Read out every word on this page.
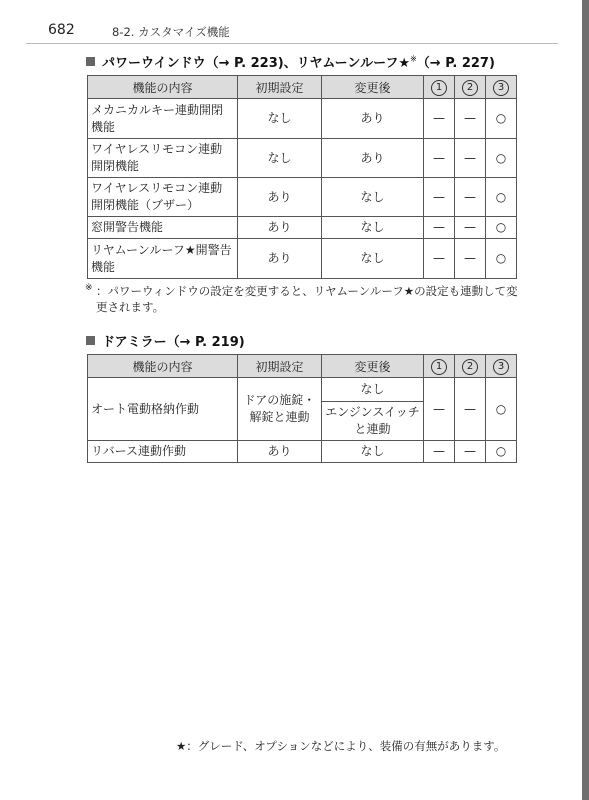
682	8-2. カスタマイズ機能
パワーウインドウ（→ P. 223)、リヤムーンルーフ★※（→ P. 227)
機能の内容	初期設定	変更後	1	2	3
メカニカルキー連動開閉機能	なし	あり	—	—	○
ワイヤレスリモコン連動開閉機能	なし	あり	—	—	○
ワイヤレスリモコン連動開閉機能（ブザー）	あり	なし	—	—	○
窓開警告機能	あり	なし	—	—	○
リヤムーンルーフ★開警告機能	あり	なし	—	—	○
※ ：パワーウィンドウの設定を変更すると、リヤムーンルーフ★の設定も連動して変更されます。
ドアミラー（→ P. 219)
機能の内容	初期設定	変更後	1	2	3
オート電動格納作動	ドアの施錠・解錠と連動	なし	—	—	○
		エンジンスイッチと連動			
リバース連動作動	あり	なし	—	—	○
★：グレード、オプションなどにより、装備の有無があります。
